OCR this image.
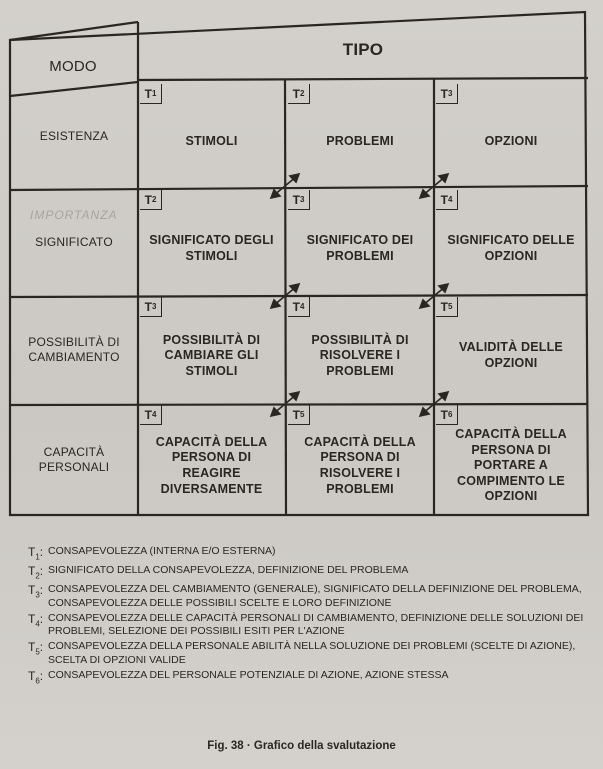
IMPORTANZA
MODO
TIPO
ESISTENZA
SIGNIFICATO
POSSIBILITÀ DI CAMBIAMENTO
CAPACITÀ PERSONALI
T 1
STIMOLI
T 2
PROBLEMI
T 3
OPZIONI
T 2
SIGNIFICATO DEGLI STIMOLI
T 3
SIGNIFICATO DEI PROBLEMI
T 4
SIGNIFICATO DELLE OPZIONI
T 3
POSSIBILITÀ DI CAMBIARE GLI STIMOLI
T 4
POSSIBILITÀ DI RISOLVERE I PROBLEMI
T 5
VALIDITÀ DELLE OPZIONI
T 4
CAPACITÀ DELLA PERSONA DI REAGIRE DIVERSAMENTE
T 5
CAPACITÀ DELLA PERSONA DI RISOLVERE I PROBLEMI
T 6
CAPACITÀ DELLA PERSONA DI PORTARE A COMPIMENTO LE OPZIONI
$T_1$: CONSAPEVOLEZZA (INTERNA E/O ESTERNA)
$T_2$: SIGNIFICATO DELLA CONSAPEVOLEZZA, DEFINIZIONE DEL PROBLEMA
$T_3$: CONSAPEVOLEZZA DEL CAMBIAMENTO (GENERALE), SIGNIFICATO DELLA DEFINIZIONE DEL PROBLEMA, CONSAPEVOLEZZA DELLE POSSIBILI SCELTE E LORO DEFINIZIONE
$T_4$: CONSAPEVOLEZZA DELLE CAPACITÀ PERSONALI DI CAMBIAMENTO, DEFINIZIONE DELLE SOLUZIONI DEI PROBLEMI, SELEZIONE DEI POSSIBILI ESITI PER L'AZIONE
$T_5$: CONSAPEVOLEZZA DELLA PERSONALE ABILITÀ NELLA SOLUZIONE DEI PROBLEMI (SCELTE DI AZIONE), SCELTA DI OPZIONI VALIDE
$T_6$: CONSAPEVOLEZZA DEL PERSONALE POTENZIALE DI AZIONE, AZIONE STESSA
Fig. 38 · Grafico della svalutazione
